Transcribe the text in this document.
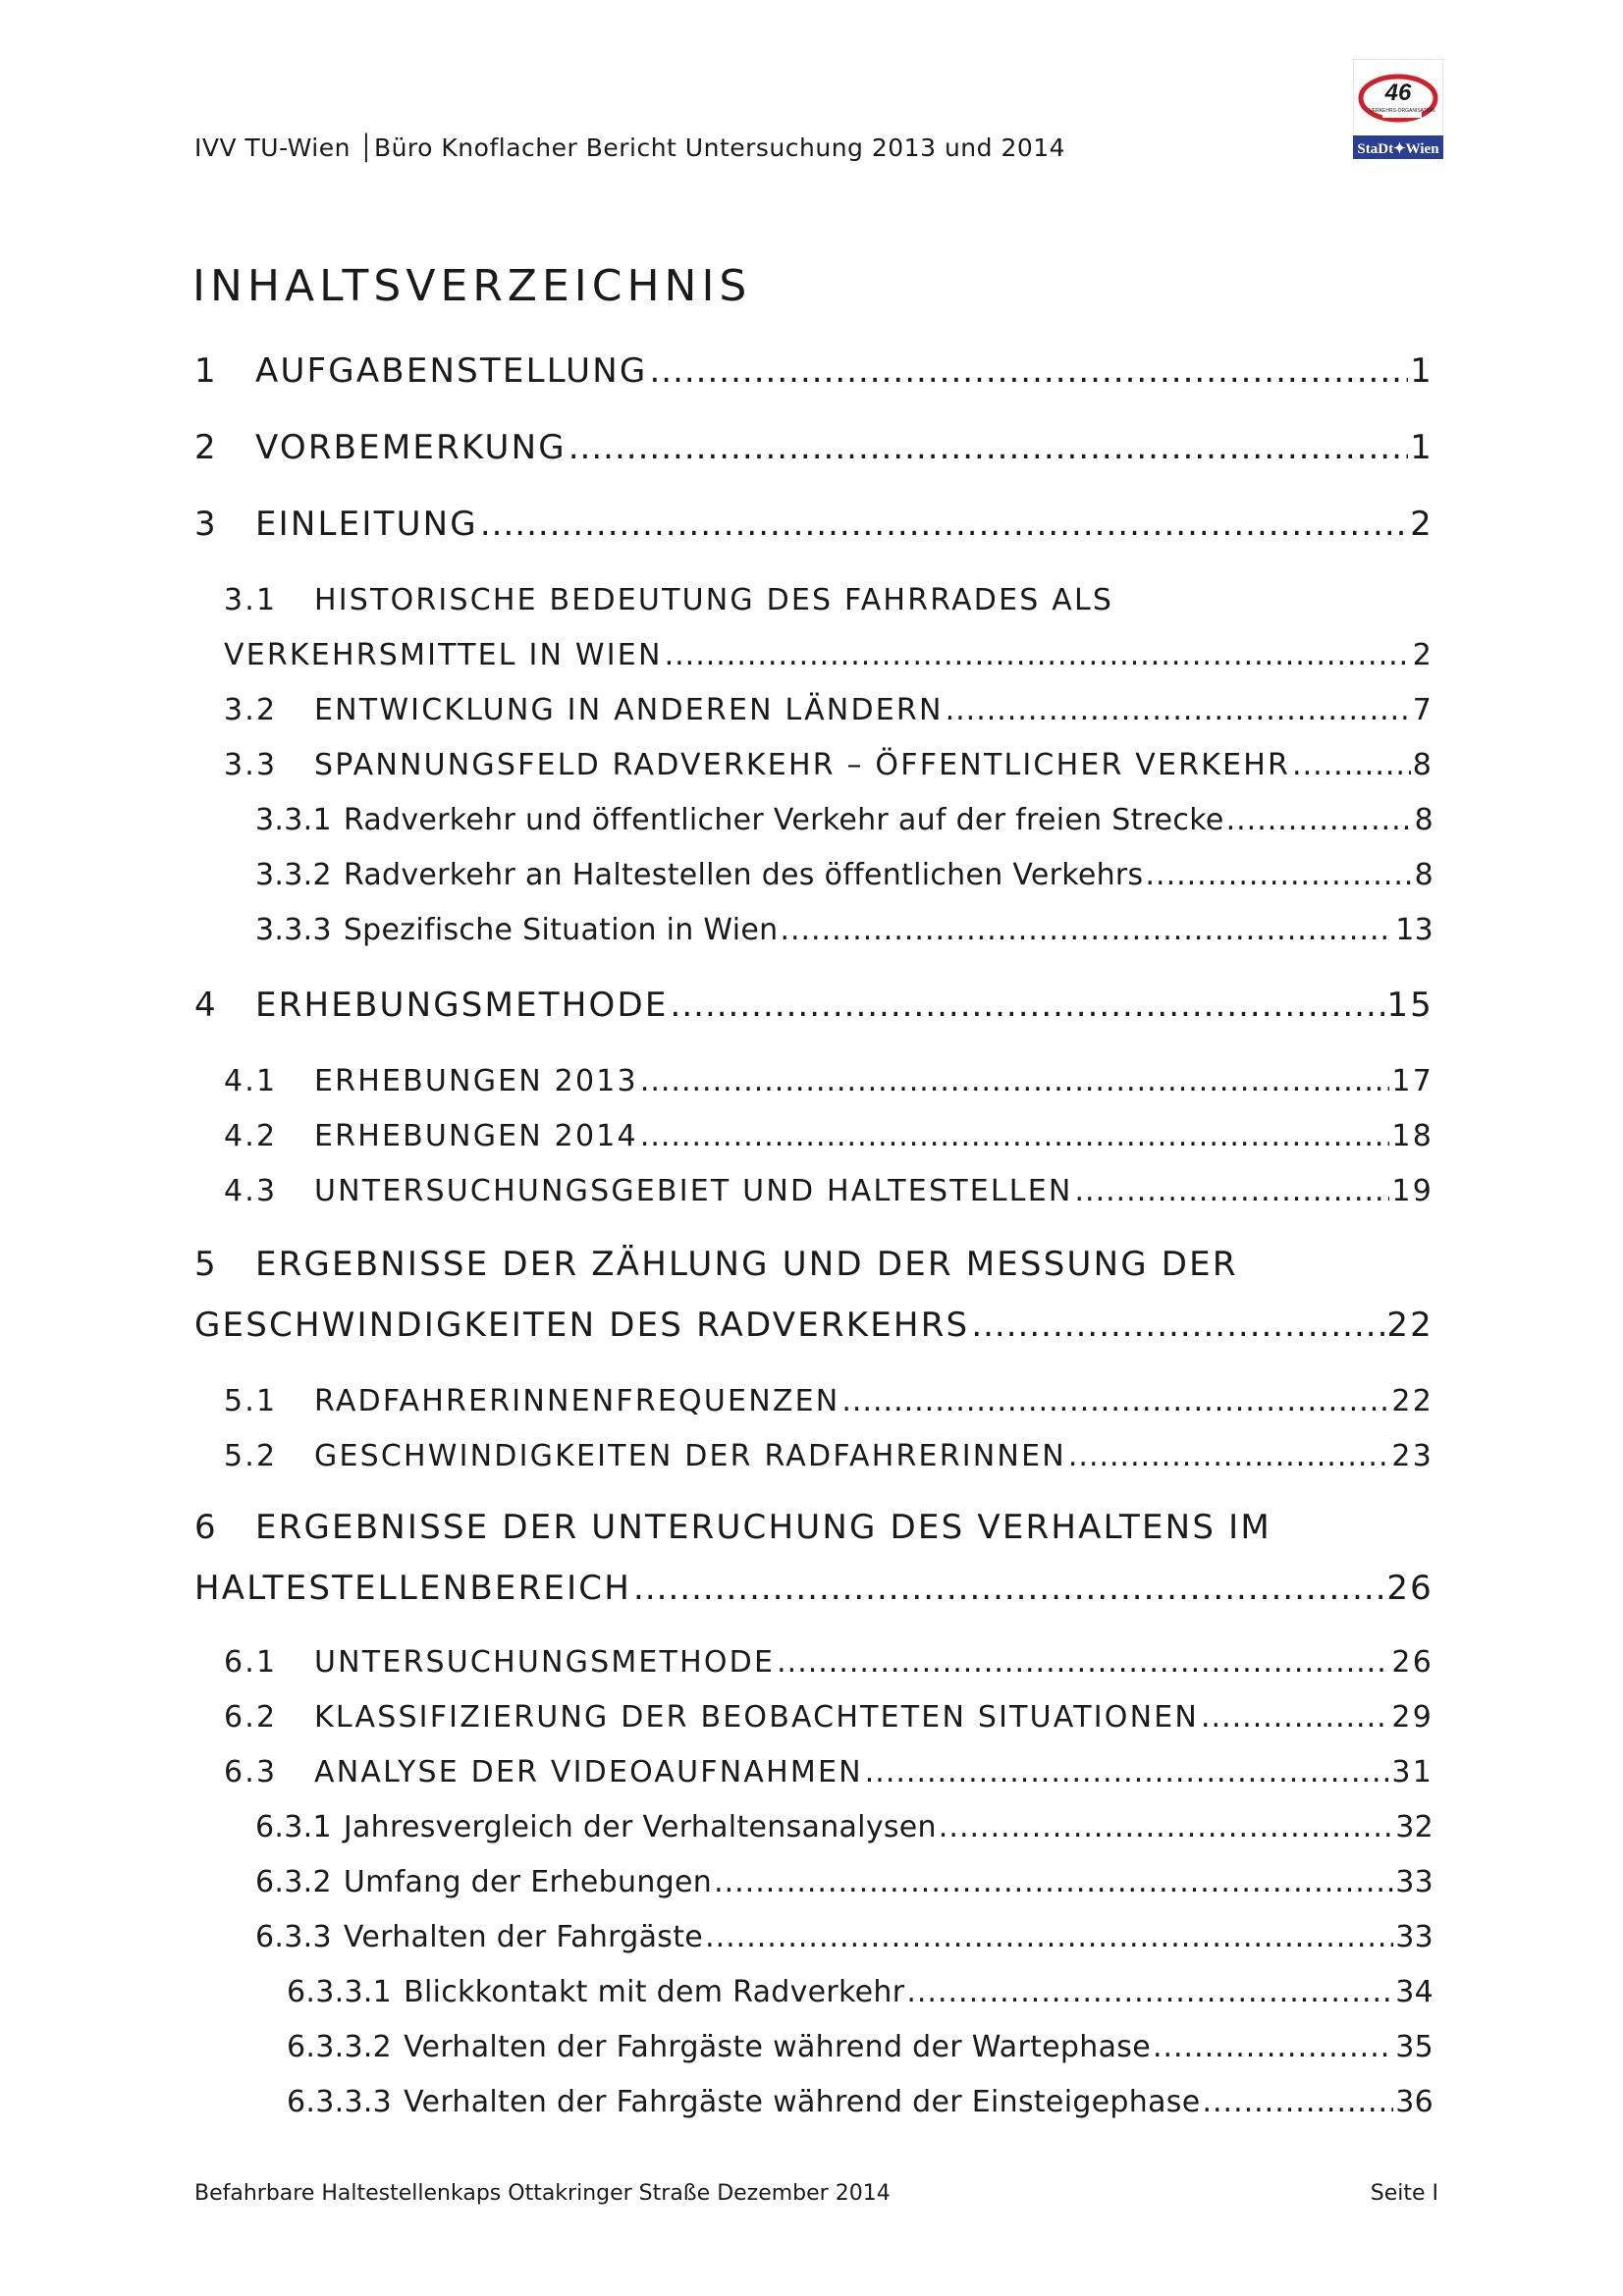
IVV TU-Wien │Büro Knoflacher Bericht Untersuchung 2013 und 2014
46
VERKEHRS-ORGANISATION
StaDt✦Wien
INHALTSVERZEICHNIS
1	AUFGABENSTELLUNG .....	1
2	VORBEMERKUNG .....	1
3	EINLEITUNG .....	2
3.1	HISTORISCHE BEDEUTUNG DES FAHRRADES ALS
VERKEHRSMITTEL IN WIEN .....	2
3.2	ENTWICKLUNG IN ANDEREN LÄNDERN .....	7
3.3	SPANNUNGSFELD RADVERKEHR – ÖFFENTLICHER VERKEHR .....	8
3.3.1 Radverkehr und öffentlicher Verkehr auf der freien Strecke .....	8
3.3.2 Radverkehr an Haltestellen des öffentlichen Verkehrs .....	8
3.3.3 Spezifische Situation in Wien .....	13
4	ERHEBUNGSMETHODE .....	15
4.1	ERHEBUNGEN 2013 .....	17
4.2	ERHEBUNGEN 2014 .....	18
4.3	UNTERSUCHUNGSGEBIET UND HALTESTELLEN .....	19
5	ERGEBNISSE DER ZÄHLUNG UND DER MESSUNG DER
GESCHWINDIGKEITEN DES RADVERKEHRS .....	22
5.1	RADFAHRERINNENFREQUENZEN .....	22
5.2	GESCHWINDIGKEITEN DER RADFAHRERINNEN .....	23
6	ERGEBNISSE DER UNTERUCHUNG DES VERHALTENS IM
HALTESTELLENBEREICH .....	26
6.1	UNTERSUCHUNGSMETHODE .....	26
6.2	KLASSIFIZIERUNG DER BEOBACHTETEN SITUATIONEN .....	29
6.3	ANALYSE DER VIDEOAUFNAHMEN .....	31
6.3.1 Jahresvergleich der Verhaltensanalysen .....	32
6.3.2 Umfang der Erhebungen .....	33
6.3.3 Verhalten der Fahrgäste .....	33
6.3.3.1 Blickkontakt mit dem Radverkehr .....	34
6.3.3.2 Verhalten der Fahrgäste während der Wartephase .....	35
6.3.3.3 Verhalten der Fahrgäste während der Einsteigephase .....	36
Befahrbare Haltestellenkaps Ottakringer Straße Dezember 2014	Seite I
